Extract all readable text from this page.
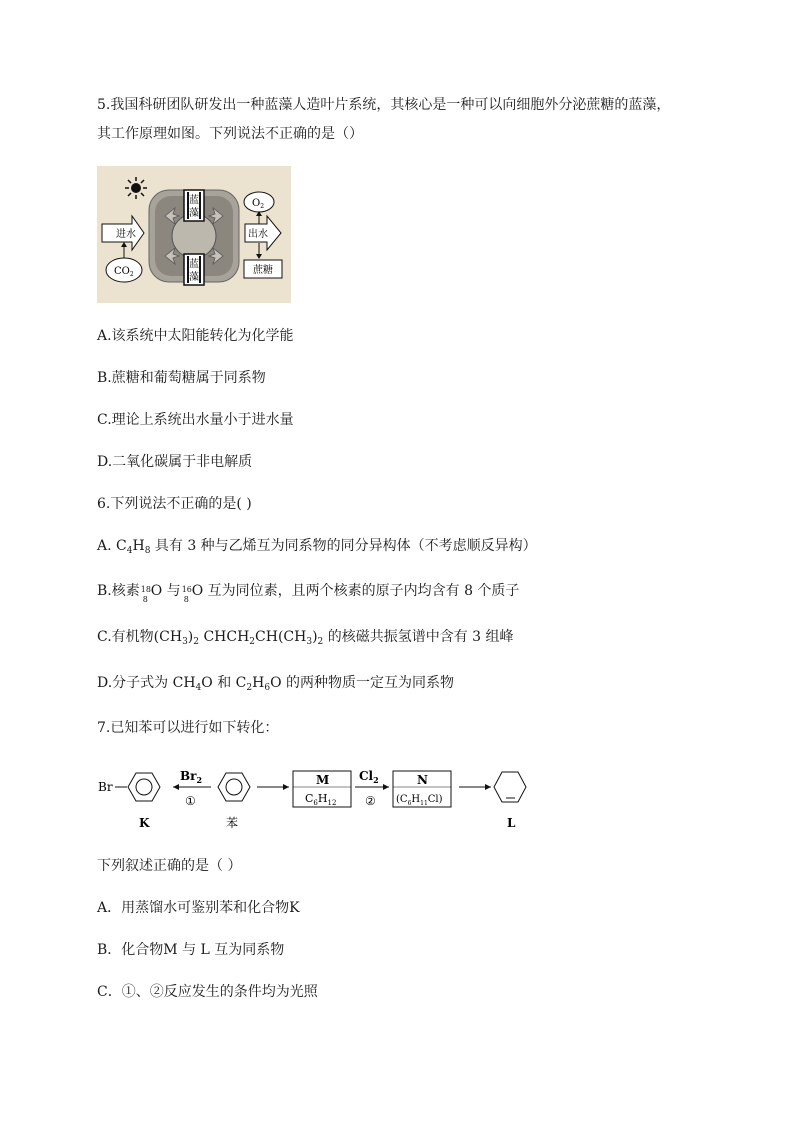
5.我国科研团队研发出一种蓝藻人造叶片系统，其核心是一种可以向细胞外分泌蔗糖的蓝藻，
其工作原理如图。下列说法不正确的是（）
蓝
藻
蓝
藻
进水
$CO_2$
出水
$O_2$
蔗糖
A.该系统中太阳能转化为化学能
B.蔗糖和葡萄糖属于同系物
C.理论上系统出水量小于进水量
D.二氧化碳属于非电解质
6.下列说法不正确的是( )
A. $C_4H_8$ 具有 3 种与乙烯互为同系物的同分异构体（不考虑顺反异构）
B.核素 18
8
O 与 16
8
O 互为同位素，且两个核素的原子内均含有 8 个质子
C.有机物$(CH_3)_2$ $CHCH_2CH(CH_3)_2$ 的核磁共振氢谱中含有 3 组峰
D.分子式为 $CH_4O$ 和 $C_2H_6O$ 的两种物质一定互为同系物
7.已知苯可以进行如下转化：
Br
K
$Br_2$
①
苯
M
$C_6H_{12}$
$Cl_2$
②
N
$(C_6H_{11}Cl)$
L
下列叙述正确的是（ ）
A．用蒸馏水可鉴别苯和化合物K
B．化合物M 与 L 互为同系物
C．①、②反应发生的条件均为光照
